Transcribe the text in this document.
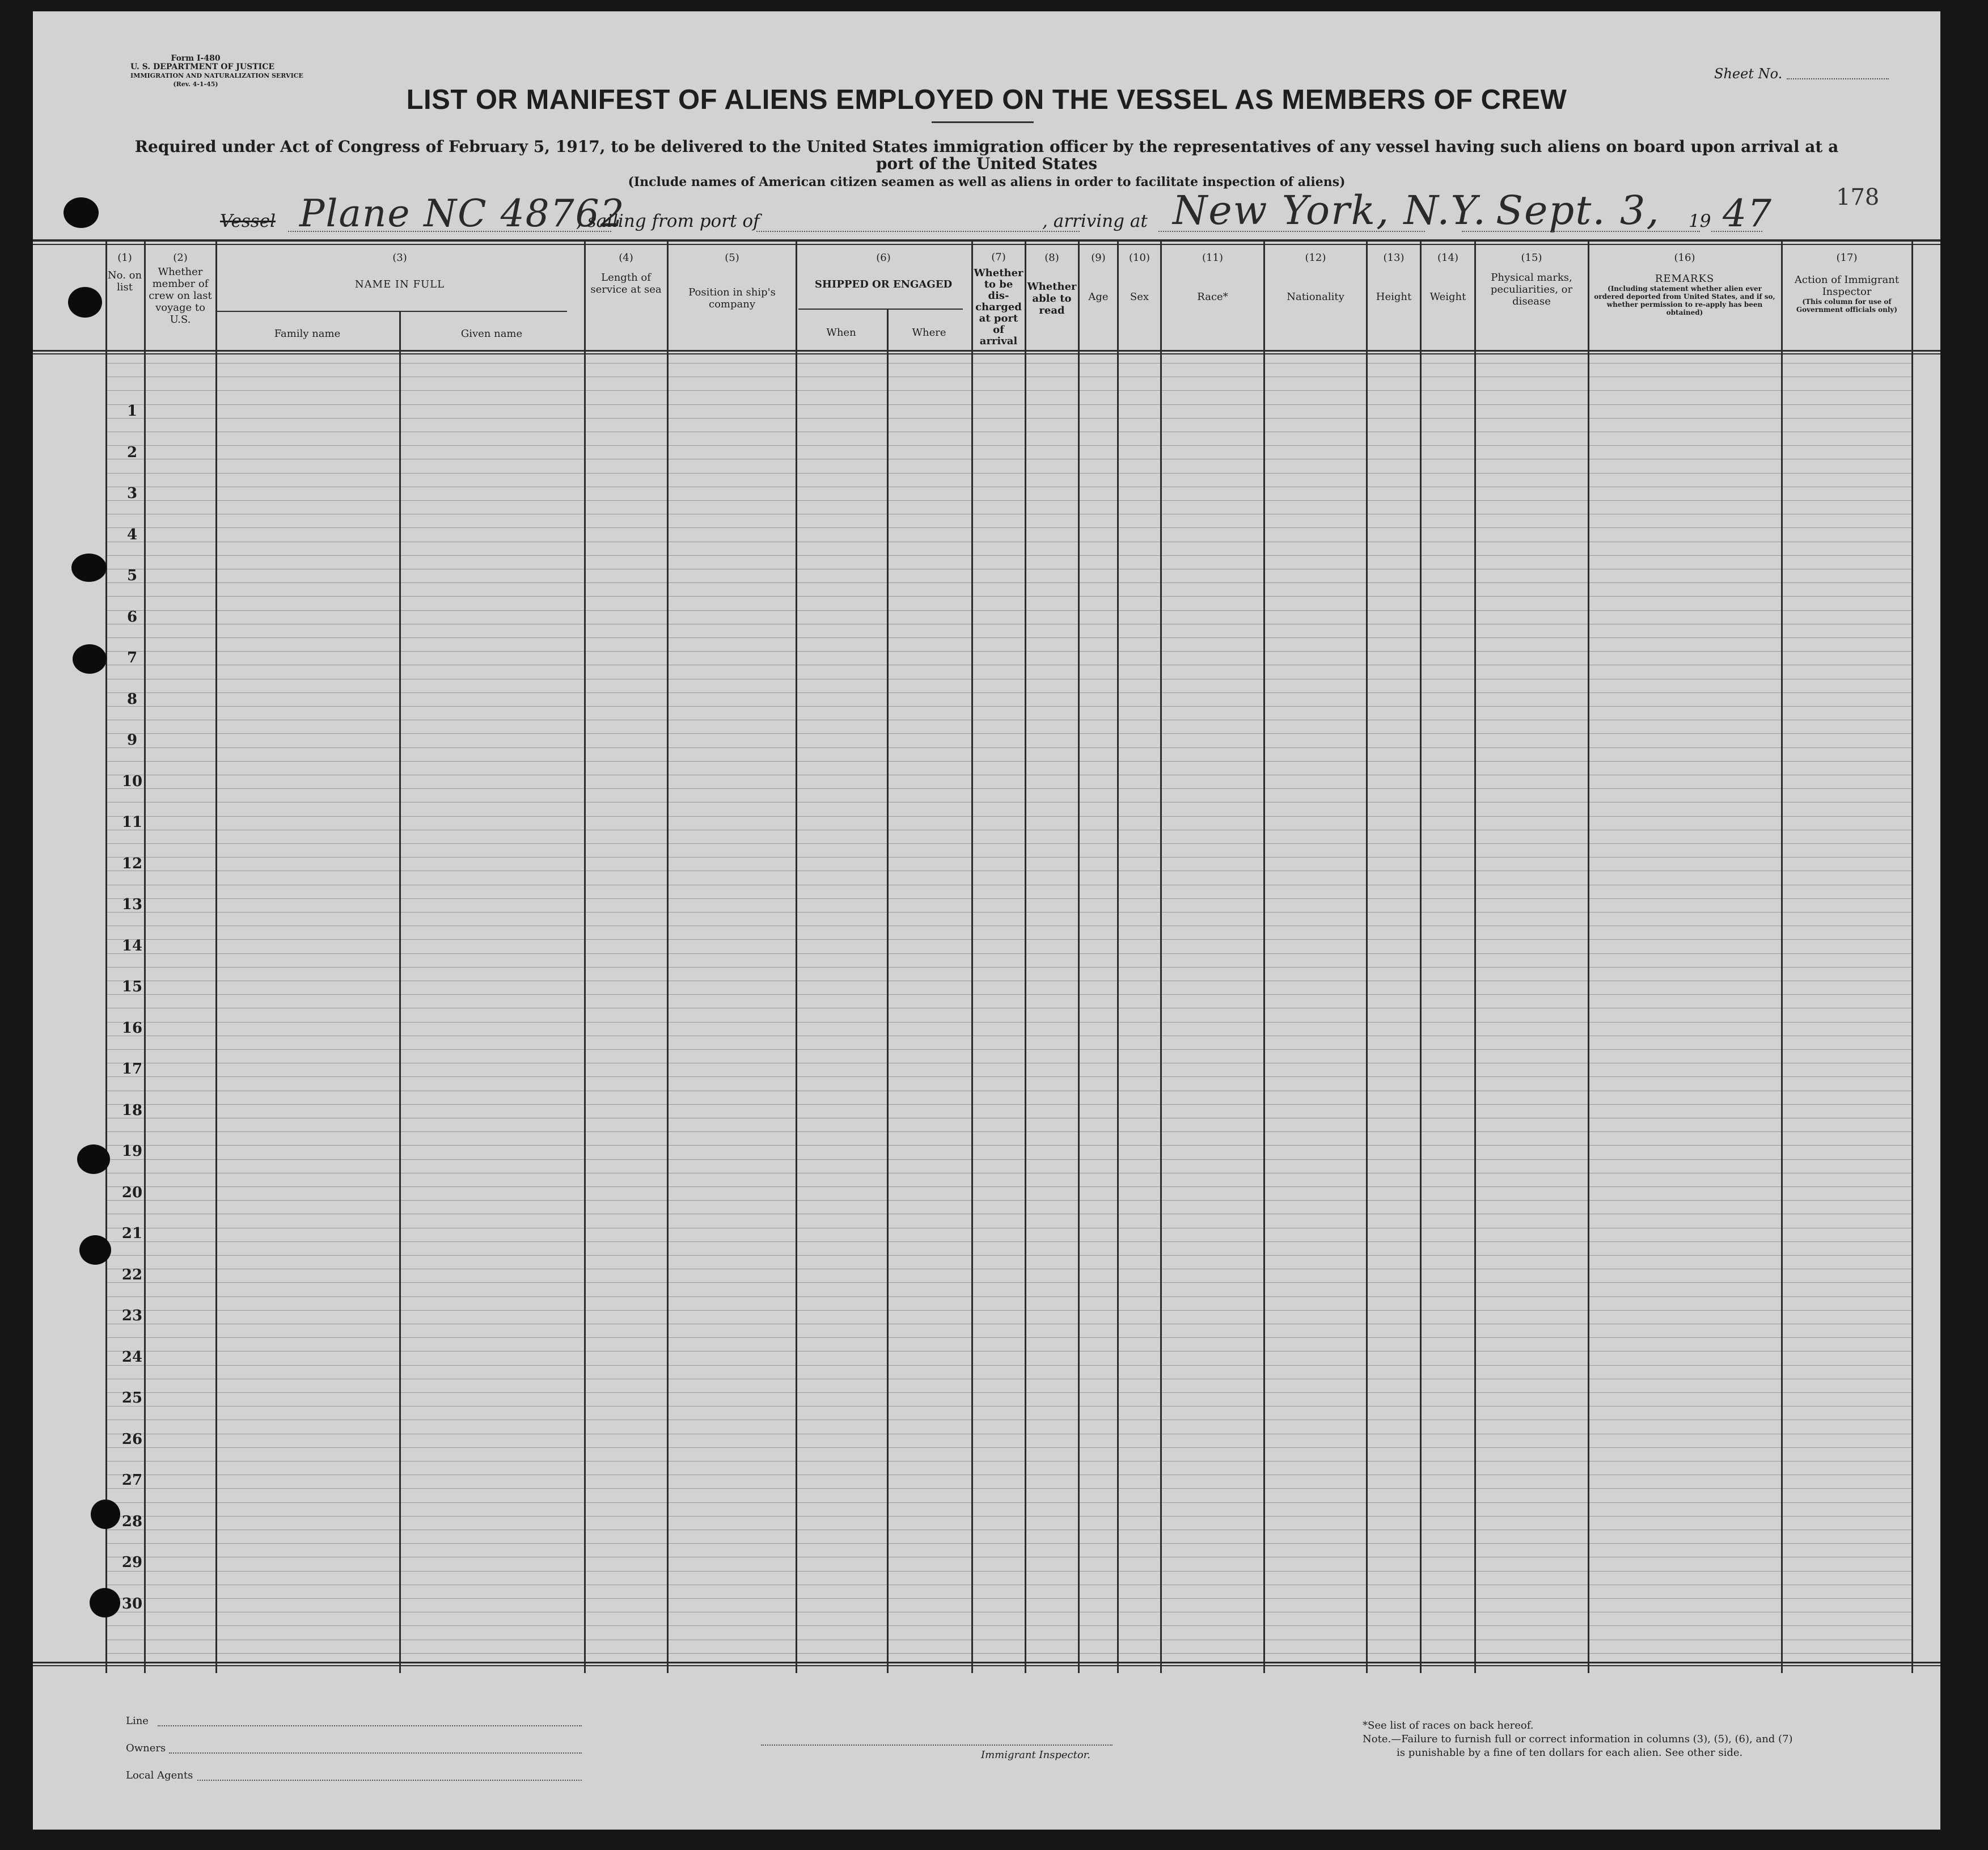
Form I-480
U. S. DEPARTMENT OF JUSTICE
IMMIGRATION AND NATURALIZATION SERVICE
(Rev. 4-1-45)
Sheet No.
LIST OR MANIFEST OF ALIENS EMPLOYED ON THE VESSEL AS MEMBERS OF CREW
Required under Act of Congress of February 5, 1917, to be delivered to the United States immigration officer by the representatives of any vessel having such aliens on board upon arrival at a
port of the United States
(Include names of American citizen seamen as well as aliens in order to facilitate inspection of aliens)
178
Vessel Plane NC 48762
, sailing from port of	, arriving at New York, N.Y. Sept. 3, 19 47
(1)
No. on list
(2)
Whether member of crew on last voyage to U.S.
(3)
NAME IN FULL
Family name	Given name
(4)
Length of service at sea
(5)
Position in ship's company
(6)
SHIPPED OR ENGAGED
When	Where
(7)
Whether to be dis-charged at port of arrival
(8)
Whether able to read
(9)
Age
(10)
Sex
(11)
Race*
(12)
Nationality
(13)
Height
(14)
Weight
(15)
Physical marks, peculiarities, or disease
(16)
REMARKS
(Including statement whether alien ever ordered deported from United States, and if so, whether permission to re-apply has been obtained)
(17)
Action of Immigrant Inspector
(This column for use of Government officials only)
1
2
3
4
5
6
7
8
9
10
11
12
13
14
15
16
17
18
19
20
21
22
23
24
25
26
27
28
29
30
Line
Owners
Local Agents
Immigrant Inspector.
*See list of races on back hereof.
Note.—Failure to furnish full or correct information in columns (3), (5), (6), and (7)
is punishable by a fine of ten dollars for each alien. See other side.
